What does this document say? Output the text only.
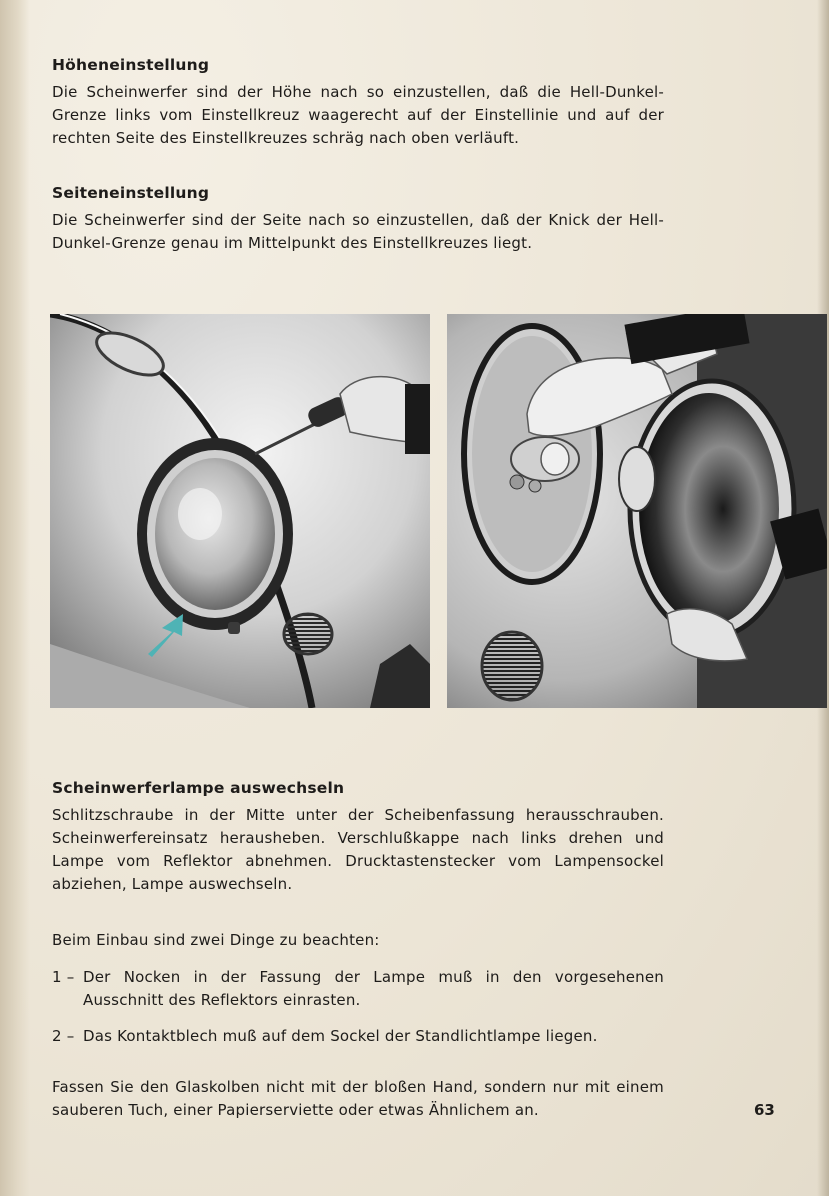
Höheneinstellung

Die Scheinwerfer sind der Höhe nach so einzustellen, daß die Hell-Dunkel-Grenze links vom Einstellkreuz waagerecht auf der Einstellinie und auf der rechten Seite des Einstellkreuzes schräg nach oben verläuft.

Seiteneinstellung

Die Scheinwerfer sind der Seite nach so einzustellen, daß der Knick der Hell-Dunkel-Grenze genau im Mittelpunkt des Einstellkreuzes liegt.

Scheinwerferlampe auswechseln

Schlitzschraube in der Mitte unter der Scheibenfassung herausschrauben. Scheinwerfereinsatz herausheben. Verschlußkappe nach links drehen und Lampe vom Reflektor abnehmen. Drucktastenstecker vom Lampensockel abziehen, Lampe auswechseln.

Beim Einbau sind zwei Dinge zu beachten:

1 – Der Nocken in der Fassung der Lampe muß in den vorgesehenen Ausschnitt des Reflektors einrasten.
2 – Das Kontaktblech muß auf dem Sockel der Standlichtlampe liegen.

Fassen Sie den Glaskolben nicht mit der bloßen Hand, sondern nur mit einem sauberen Tuch, einer Papierserviette oder etwas Ähnlichem an.	63
